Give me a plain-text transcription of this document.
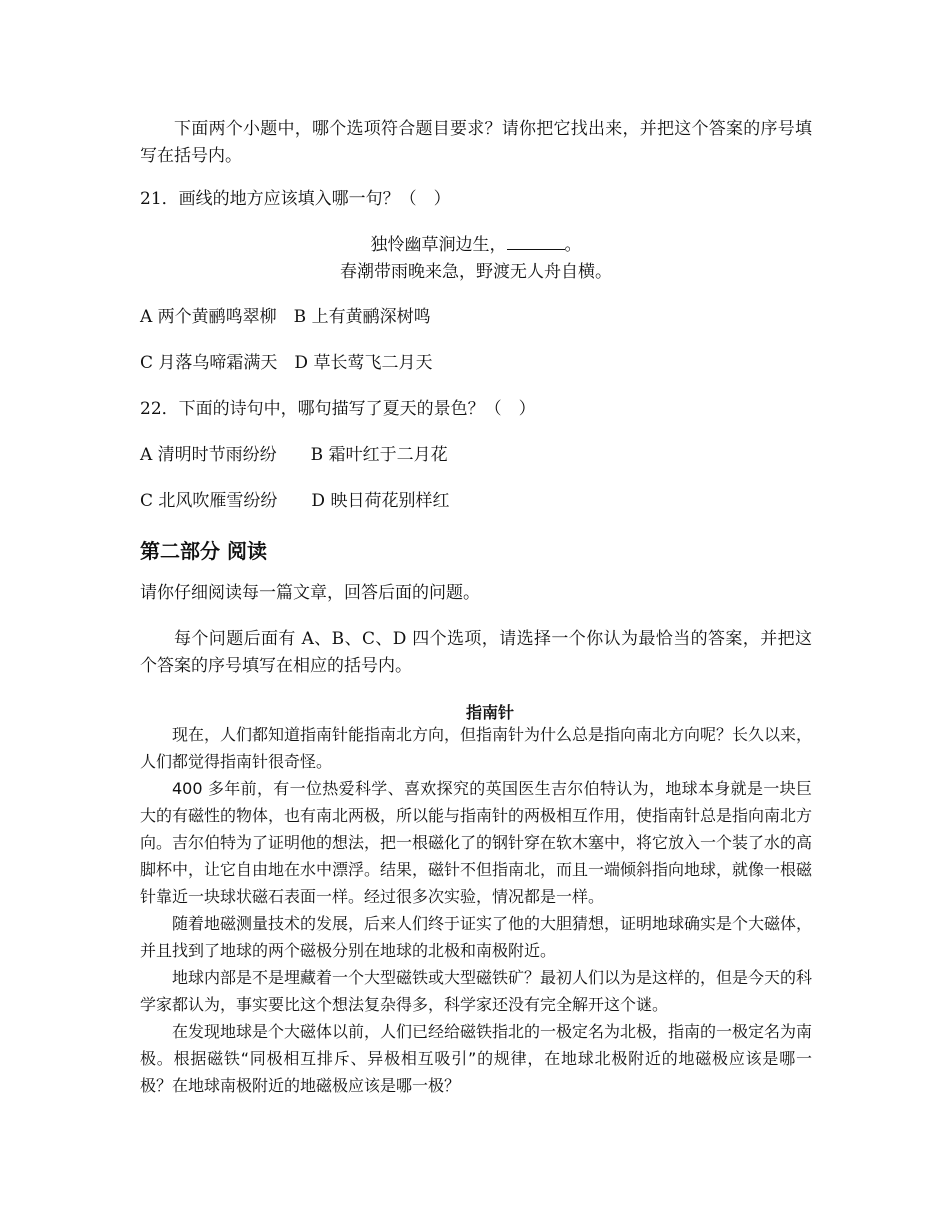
下面两个小题中，哪个选项符合题目要求？请你把它找出来，并把这个答案的序号填写在括号内。
21．画线的地方应该填入哪一句？（　）
独怜幽草涧边生，	。
春潮带雨晚来急，野渡无人舟自横。
A 两个黄鹂鸣翠柳　B 上有黄鹂深树鸣
C 月落乌啼霜满天　D 草长莺飞二月天
22．下面的诗句中，哪句描写了夏天的景色？（　）
A 清明时节雨纷纷　　B 霜叶红于二月花
C 北风吹雁雪纷纷　　D 映日荷花别样红
第二部分 阅读
请你仔细阅读每一篇文章，回答后面的问题。
每个问题后面有 A、B、C、D 四个选项，请选择一个你认为最恰当的答案，并把这个答案的序号填写在相应的括号内。
指南针

现在，人们都知道指南针能指南北方向，但指南针为什么总是指向南北方向呢？长久以来，人们都觉得指南针很奇怪。

400 多年前，有一位热爱科学、喜欢探究的英国医生吉尔伯特认为，地球本身就是一块巨大的有磁性的物体，也有南北两极，所以能与指南针的两极相互作用，使指南针总是指向南北方向。吉尔伯特为了证明他的想法，把一根磁化了的钢针穿在软木塞中，将它放入一个装了水的高脚杯中，让它自由地在水中漂浮。结果，磁针不但指南北，而且一端倾斜指向地球，就像一根磁针靠近一块球状磁石表面一样。经过很多次实验，情况都是一样。

随着地磁测量技术的发展，后来人们终于证实了他的大胆猜想，证明地球确实是个大磁体，并且找到了地球的两个磁极分别在地球的北极和南极附近。

地球内部是不是埋藏着一个大型磁铁或大型磁铁矿？最初人们以为是这样的，但是今天的科学家都认为，事实要比这个想法复杂得多，科学家还没有完全解开这个谜。

在发现地球是个大磁体以前，人们已经给磁铁指北的一极定名为北极，指南的一极定名为南极。根据磁铁“同极相互排斥、异极相互吸引”的规律，在地球北极附近的地磁极应该是哪一极？在地球南极附近的地磁极应该是哪一极？
